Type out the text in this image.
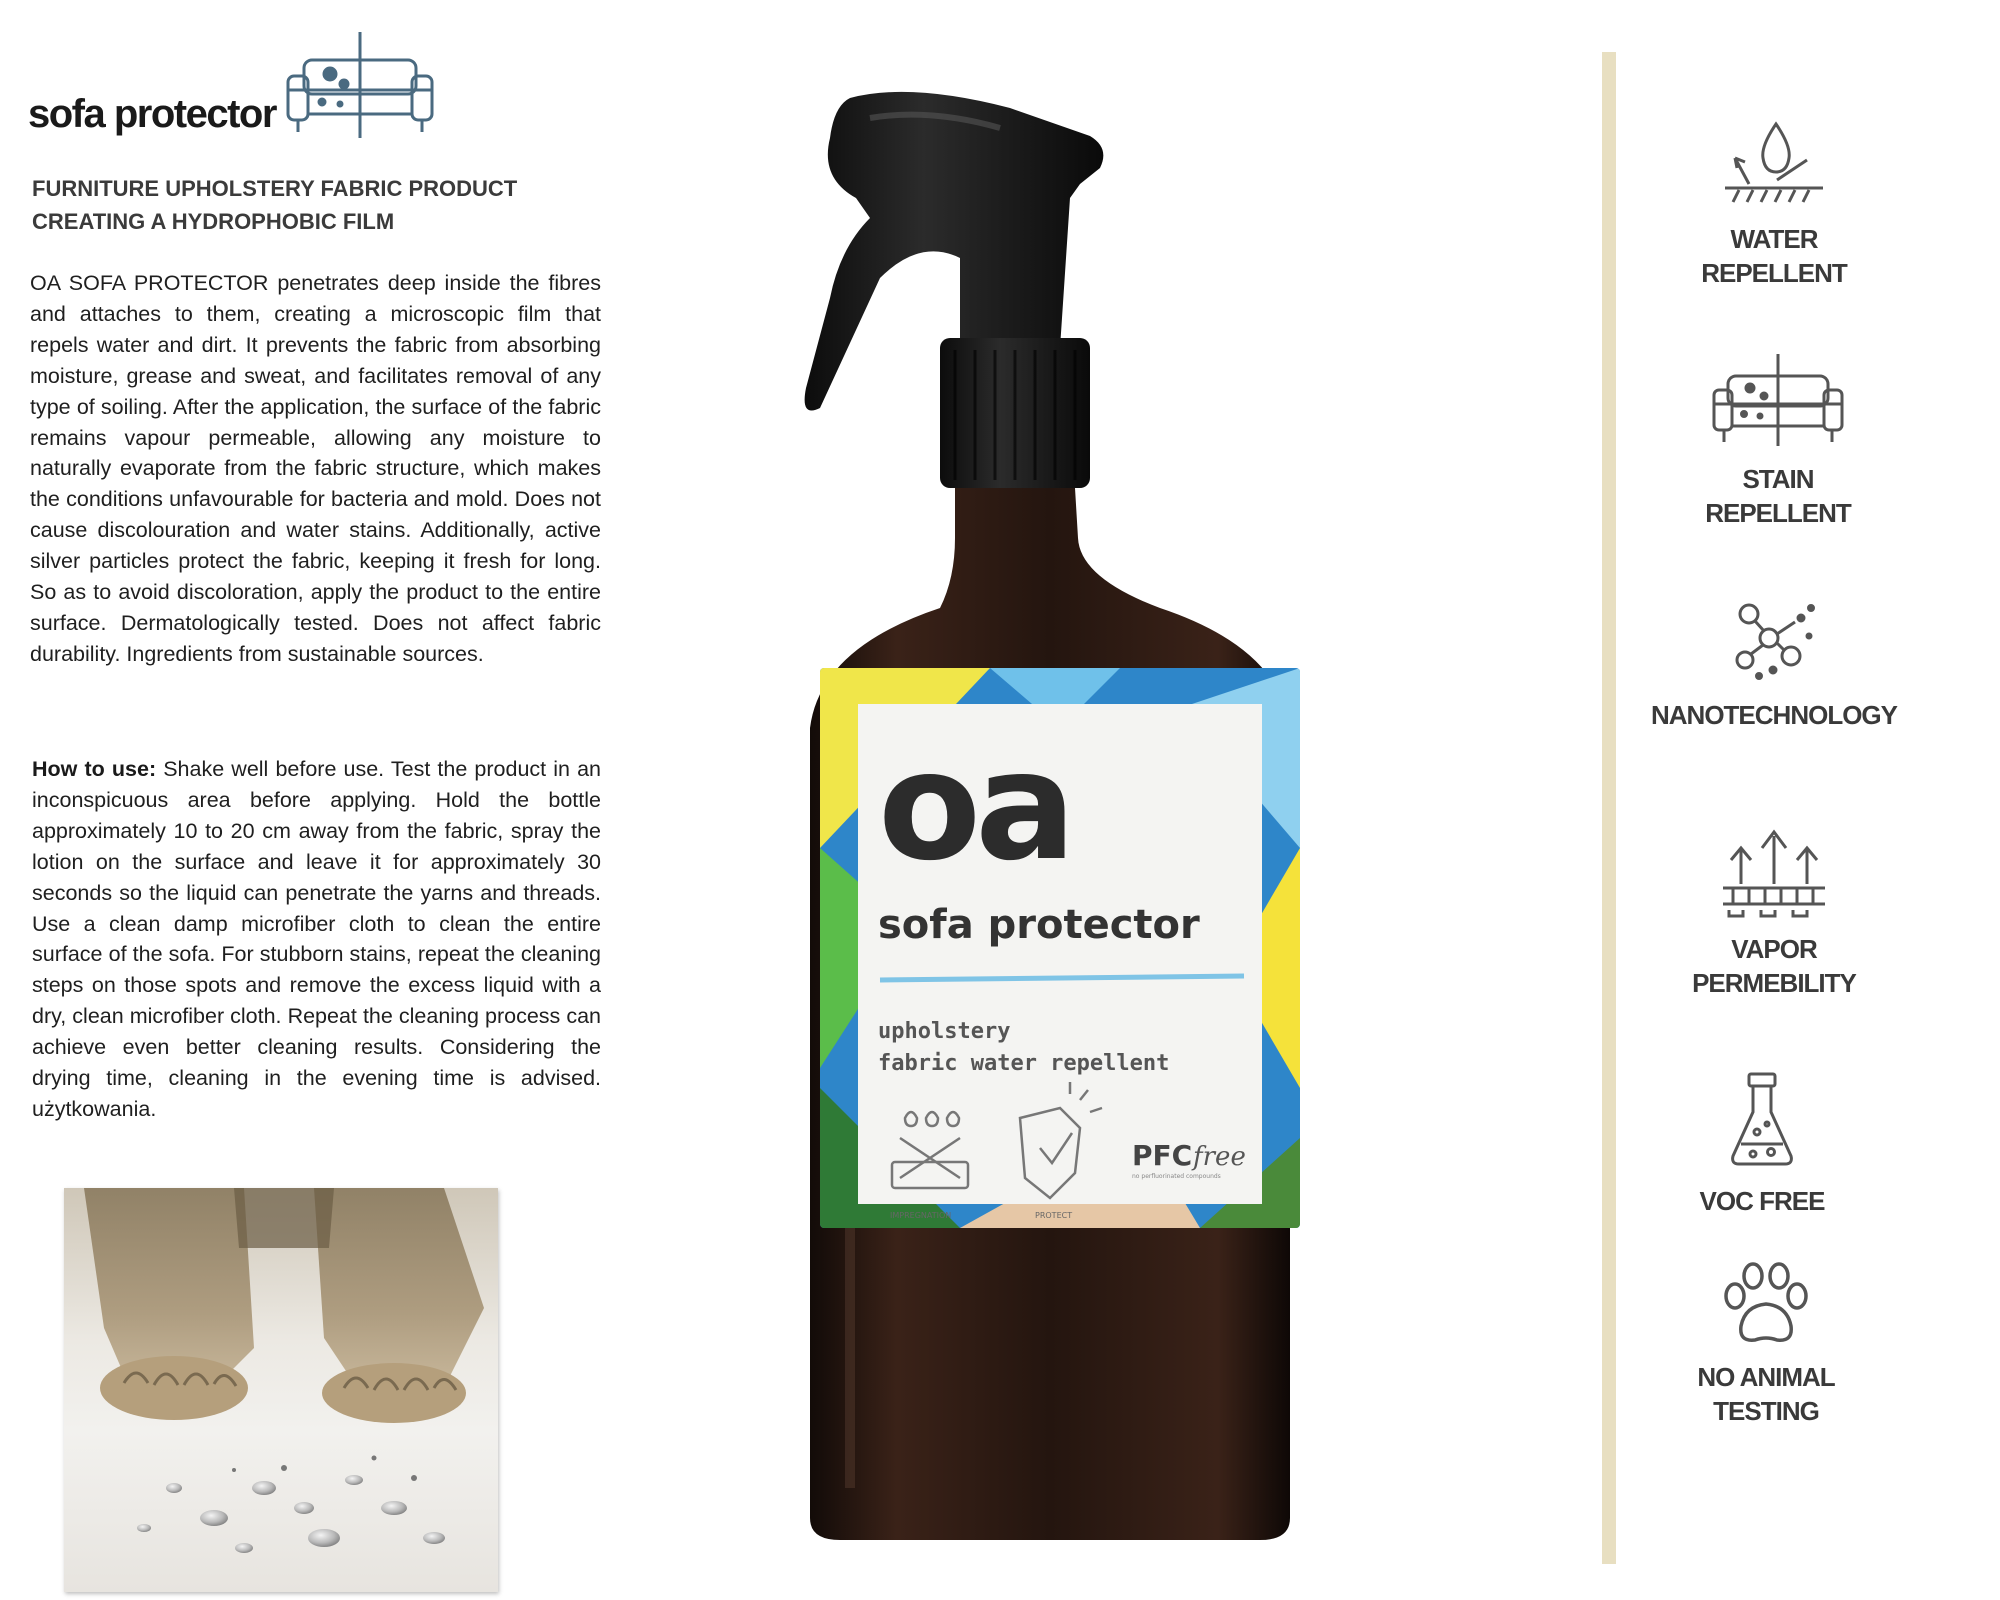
sofa protector
FURNITURE UPHOLSTERY FABRIC PRODUCT
CREATING A HYDROPHOBIC FILM
OA SOFA PROTECTOR penetrates deep inside the fibres and attaches to them, creating a microscopic film that repels water and dirt. It prevents the fabric from absorbing moisture, grease and sweat, and facilitates removal of any type of soiling. After the application, the surface of the fabric remains vapour permeable, allowing any moisture to naturally evaporate from the fabric structure, which makes the conditions unfavourable for bacteria and mold. Does not cause discolouration and water stains. Additionally, active silver particles protect the fabric, keeping it fresh for long. So as to avoid discoloration, apply the product to the entire surface. Dermatologically tested. Does not affect fabric durability. Ingredients from sustainable sources.
How to use: Shake well before use. Test the product in an inconspicuous area before applying. Hold the bottle approximately 10 to 20 cm away from the fabric, spray the lotion on the surface and leave it for approximately 30 seconds so the liquid can penetrate the yarns and threads. Use a clean damp microfiber cloth to clean the entire surface of the sofa. For stubborn stains, repeat the cleaning steps on those spots and remove the excess liquid with a dry, clean microfiber cloth. Repeat the cleaning process can achieve even better cleaning results. Considering the drying time, cleaning in the evening time is advised. użytkowania.
oa
sofa protector
upholstery
fabric water repellent
IMPREGNATION	PROTECT
PFC free
no perfluorinated compounds
WATER
REPELLENT
STAIN
REPELLENT
NANOTECHNOLOGY
VAPOR
PERMEBILITY
VOC FREE
NO ANIMAL
TESTING
